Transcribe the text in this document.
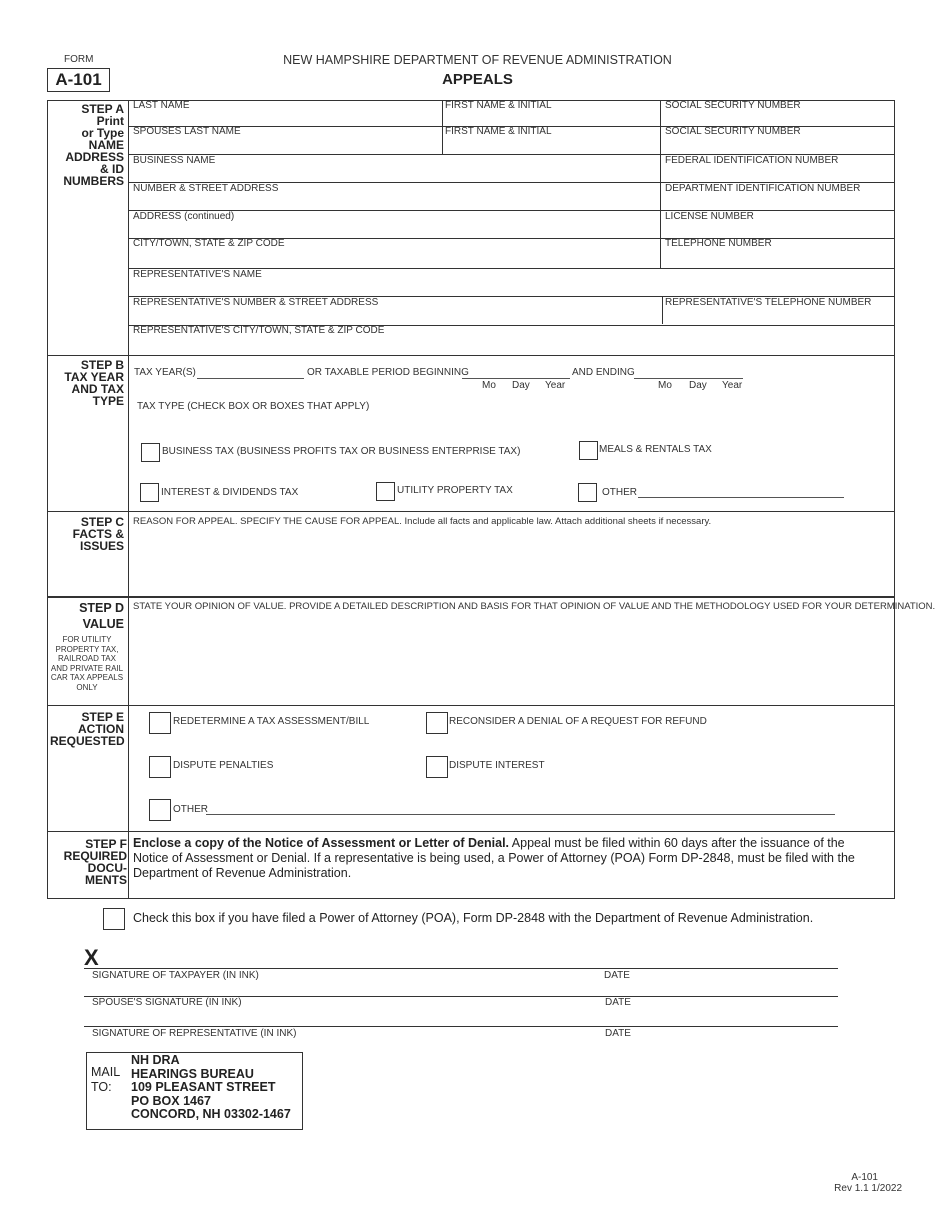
FORM
A-101
NEW HAMPSHIRE DEPARTMENT OF REVENUE ADMINISTRATION
APPEALS
STEP A
Print
or Type
NAME
ADDRESS
& ID
NUMBERS
LAST NAME	FIRST NAME & INITIAL	SOCIAL SECURITY NUMBER
SPOUSES LAST NAME	FIRST NAME & INITIAL	SOCIAL SECURITY NUMBER
BUSINESS NAME	FEDERAL IDENTIFICATION NUMBER
NUMBER & STREET ADDRESS	DEPARTMENT IDENTIFICATION NUMBER
ADDRESS (continued)	LICENSE NUMBER
CITY/TOWN, STATE & ZIP CODE	TELEPHONE NUMBER
REPRESENTATIVE'S NAME
REPRESENTATIVE'S NUMBER & STREET ADDRESS	REPRESENTATIVE'S TELEPHONE NUMBER
REPRESENTATIVE'S CITY/TOWN, STATE & ZIP CODE
STEP B
TAX YEAR
AND TAX
TYPE
TAX YEAR(S)	OR TAXABLE PERIOD BEGINNING	AND ENDING
Mo Day Year	Mo Day Year
TAX TYPE (CHECK BOX OR BOXES THAT APPLY)
BUSINESS TAX (BUSINESS PROFITS TAX OR BUSINESS ENTERPRISE TAX)	MEALS & RENTALS TAX
INTEREST & DIVIDENDS TAX	UTILITY PROPERTY TAX	OTHER
STEP C
FACTS &
ISSUES
REASON FOR APPEAL. SPECIFY THE CAUSE FOR APPEAL. Include all facts and applicable law. Attach additional sheets if necessary.
STEP D
VALUE
FOR UTILITY
PROPERTY TAX,
RAILROAD TAX
AND PRIVATE RAIL
CAR TAX APPEALS
ONLY
STATE YOUR OPINION OF VALUE. PROVIDE A DETAILED DESCRIPTION AND BASIS FOR THAT OPINION OF VALUE AND THE METHODOLOGY USED FOR YOUR DETERMINATION.
STEP E
ACTION
REQUESTED
REDETERMINE A TAX ASSESSMENT/BILL	RECONSIDER A DENIAL OF A REQUEST FOR REFUND
DISPUTE PENALTIES	DISPUTE INTEREST
OTHER
STEP F
REQUIRED
DOCU-
MENTS
Enclose a copy of the Notice of Assessment or Letter of Denial. Appeal must be filed within 60 days after the issuance of the
Notice of Assessment or Denial. If a representative is being used, a Power of Attorney (POA) Form DP-2848, must be filed with the
Department of Revenue Administration.
Check this box if you have filed a Power of Attorney (POA), Form DP-2848 with the Department of Revenue Administration.
X
SIGNATURE OF TAXPAYER (IN INK)	DATE
SPOUSE'S SIGNATURE (IN INK)	DATE
SIGNATURE OF REPRESENTATIVE (IN INK)	DATE
MAIL
TO:
NH DRA
HEARINGS BUREAU
109 PLEASANT STREET
PO BOX 1467
CONCORD, NH 03302-1467
A-101
Rev 1.1 1/2022
